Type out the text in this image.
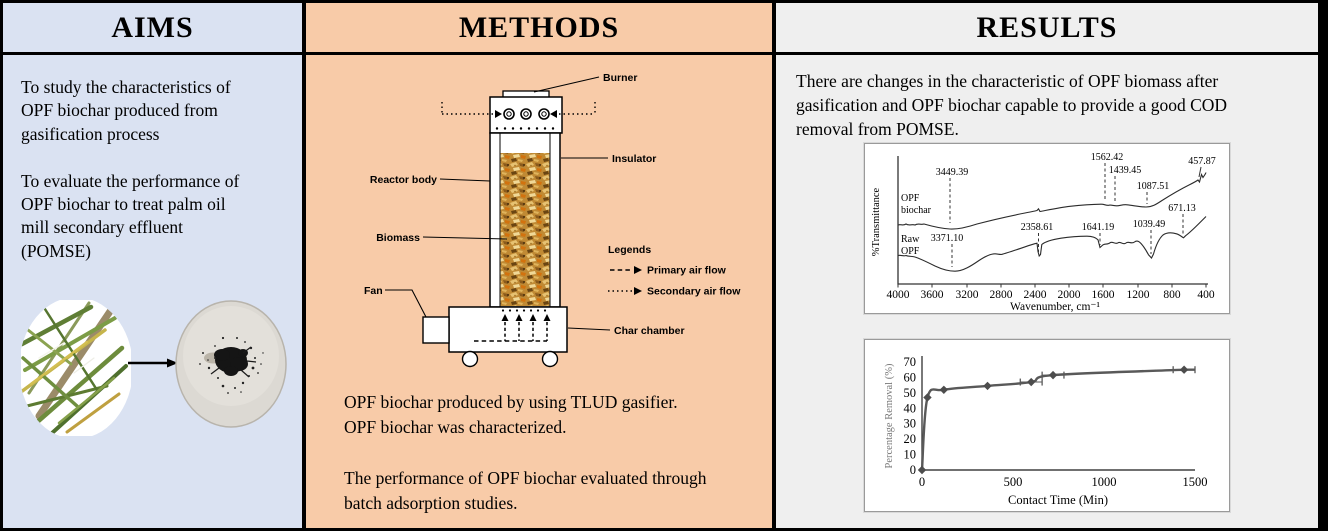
AIMS
To study the characteristics of
OPF biochar produced from
gasification process
To evaluate the performance of
OPF biochar to treat palm oil
mill secondary effluent
(POMSE)
METHODS
Burner
Insulator
Reactor body
Biomass
Char chamber
Fan
Legends
Primary air flow
Secondary air flow
OPF biochar produced by using TLUD gasifier.
OPF biochar was characterized.
The performance of OPF biochar evaluated through
batch adsorption studies.
RESULTS
There are changes in the characteristic of OPF biomass after
gasification and OPF biochar capable to provide a good COD
removal from POMSE.
4000 3600 3200 2800 2400 2000 1600 1200 800 400
Wavenumber, cm⁻¹
%Transmittance OPF
biochar
Raw
OPF
3449.39
1562.42
1439.45
1087.51
457.87
3371.10
2358.61	1641.19 1039.49
671.13
0
10
20
30
40
50
60
70
0	500	1000	1500
Contact Time (Min)
Percentage Removal (%)
